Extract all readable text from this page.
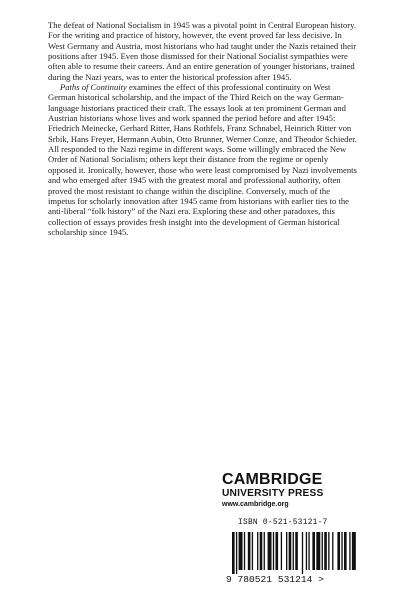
The defeat of National Socialism in 1945 was a pivotal point in Central European history. For the writing and practice of history, however, the event proved far less decisive. In West Germany and Austria, most historians who had taught under the Nazis retained their positions after 1945. Even those dismissed for their National Socialist sympathies were often able to resume their careers. And an entire generation of younger historians, trained during the Nazi years, was to enter the historical profession after 1945.

Paths of Continuity examines the effect of this professional continuity on West German historical scholarship, and the impact of the Third Reich on the way German-language historians practiced their craft. The essays look at ten prominent German and Austrian historians whose lives and work spanned the period before and after 1945: Friedrich Meinecke, Gerhard Ritter, Hans Rothfels, Franz Schnabel, Heinrich Ritter von Srbik, Hans Freyer, Hermann Aubin, Otto Brunner, Werner Conze, and Theodor Schieder. All responded to the Nazi regime in different ways. Some willingly embraced the New Order of National Socialism; others kept their distance from the regime or openly opposed it. Ironically, however, those who were least compromised by Nazi involvements and who emerged after 1945 with the greatest moral and professional authority, often proved the most resistant to change within the discipline. Conversely, much of the impetus for scholarly innovation after 1945 came from historians with earlier ties to the anti-liberal “folk history” of the Nazi era. Exploring these and other paradoxes, this collection of essays provides fresh insight into the development of German historical scholarship since 1945.

CAMBRIDGE
UNIVERSITY PRESS
www.cambridge.org
ISBN 0-521-53121-7
9 780521 531214 >
